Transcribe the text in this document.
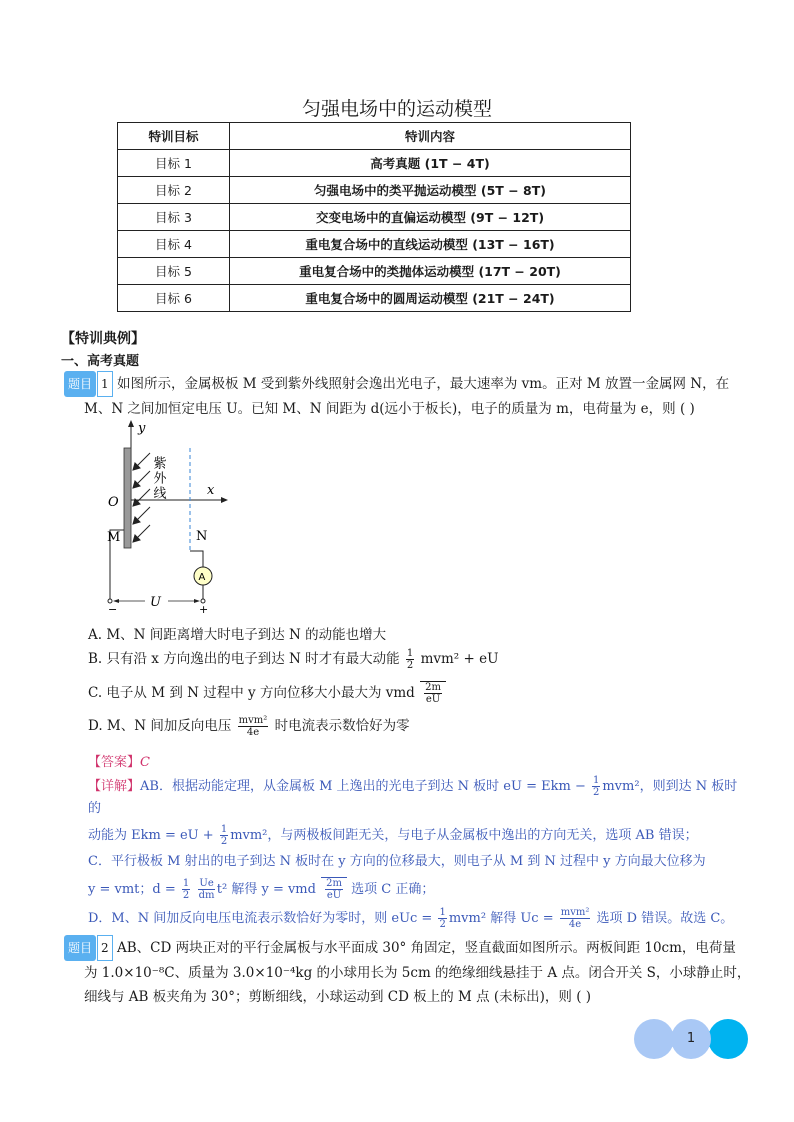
匀强电场中的运动模型
特训目标	特训内容
目标 1	高考真题 (1T − 4T)
目标 2	匀强电场中的类平抛运动模型 (5T − 8T)
目标 3	交变电场中的直偏运动模型 (9T − 12T)
目标 4	重电复合场中的直线运动模型 (13T − 16T)
目标 5	重电复合场中的类抛体运动模型 (17T − 20T)
目标 6	重电复合场中的圆周运动模型 (21T − 24T)
【特训典例】
一、高考真题
题目 1 如图所示，金属极板 M 受到紫外线照射会逸出光电子，最大速率为 vm。正对 M 放置一金属网 N，在
M、N 之间加恒定电压 U。已知 M、N 间距为 d(远小于板长)，电子的质量为 m，电荷量为 e，则 ( )
y
x
O
M	N
紫外线
A
U
−	+
A. M、N 间距离增大时电子到达 N 的动能也增大
B. 只有沿 x 方向逸出的电子到达 N 时才有最大动能 $\frac{1}{2} mvm^2$ + eU
C. 电子从 M 到 N 过程中 y 方向位移大小最大为 vmd $\frac{2m}{eU}$
D. M、N 间加反向电压 $\frac{\text{mvm²}}{4e}$ 时电流表示数恰好为零
【答案】C
【详解】AB．根据动能定理，从金属板 M 上逸出的光电子到达 N 板时 eU = Ekm − $\frac{1}{2} mvm^2$，则到达 N 板时的
动能为 Ekm = eU + $\frac{1}{2} mvm^2$，与两极板间距无关，与电子从金属板中逸出的方向无关，选项 AB 错误；
C．平行极板 M 射出的电子到达 N 板时在 y 方向的位移最大，则电子从 M 到 N 过程中 y 方向最大位移为
y = vmt；$d = \frac{1}{2}$
$\frac{Ue}{dm} t^2$ 解得 y = vmd $\frac{2m}{eU}$ 选项 C 正确；
D．M、N 间加反向电压电流表示数恰好为零时，则 eUc = $\frac{1}{2} mvm^2$ 解得 $Uc = \frac{\text{mvm²}}{4e}$ 选项 D 错误。故选 C。
题目 2 AB、CD 两块正对的平行金属板与水平面成 30° 角固定，竖直截面如图所示。两板间距 10cm，电荷量
为 1.0×10⁻⁸C、质量为 3.0×10⁻⁴kg 的小球用长为 5cm 的绝缘细线悬挂于 A 点。闭合开关 S，小球静止时，
细线与 AB 板夹角为 30°；剪断细线，小球运动到 CD 板上的 M 点 (未标出)，则 ( )
1
